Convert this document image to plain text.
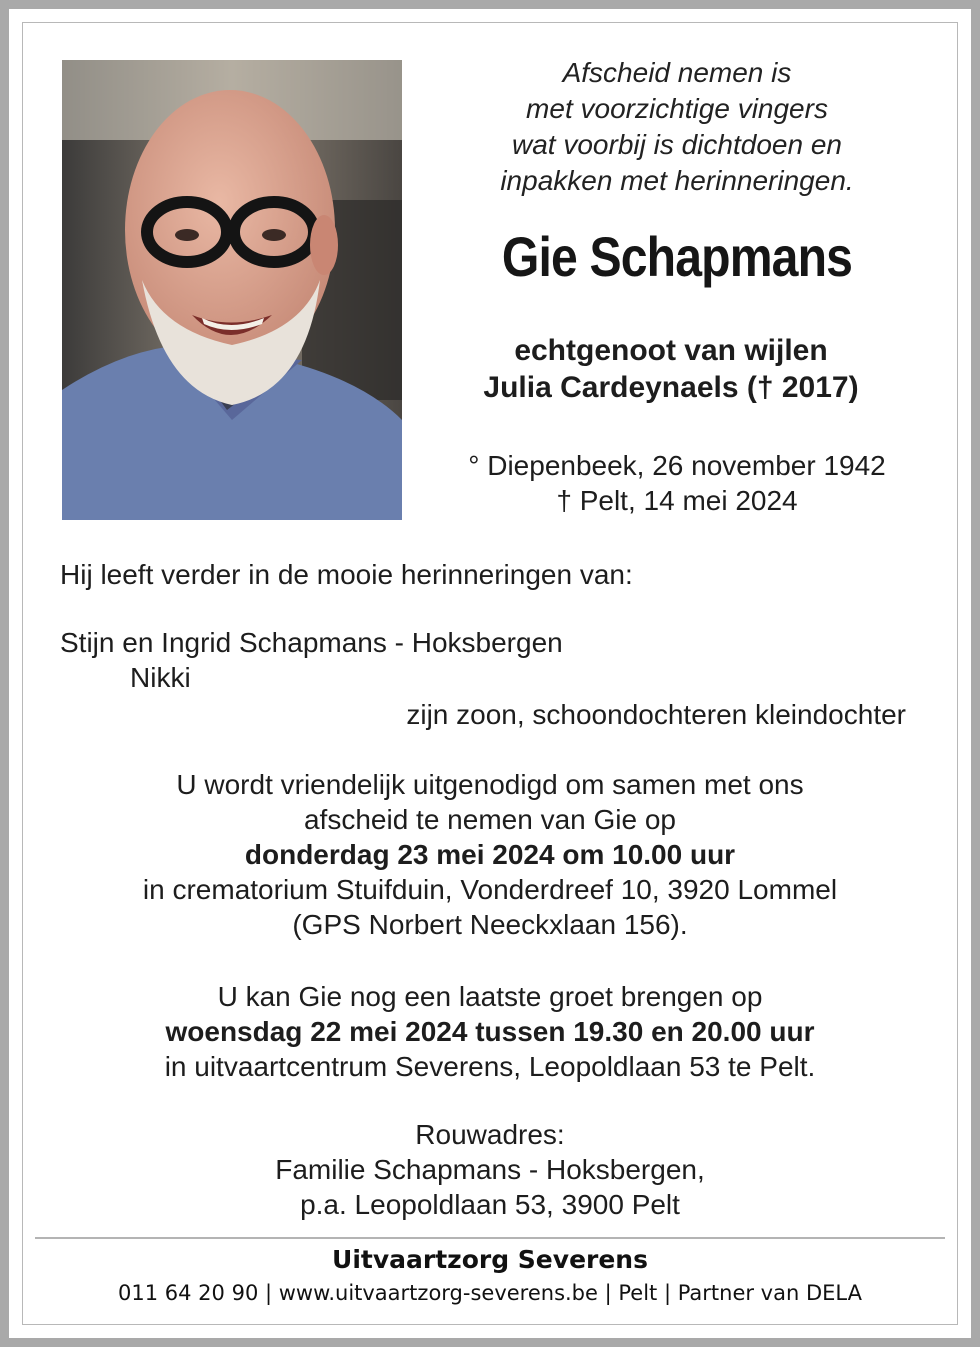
Afscheid nemen is
met voorzichtige vingers
wat voorbij is dichtdoen en
inpakken met herinneringen.
Gie Schapmans
echtgenoot van wijlen
Julia Cardeynaels († 2017)
° Diepenbeek, 26 november 1942
† Pelt, 14 mei 2024
Hij leeft verder in de mooie herinneringen van:
Stijn en Ingrid Schapmans - Hoksbergen
Nikki
zijn zoon, schoondochteren kleindochter
U wordt vriendelijk uitgenodigd om samen met ons
afscheid te nemen van Gie op
donderdag 23 mei 2024 om 10.00 uur
in crematorium Stuifduin, Vonderdreef 10, 3920 Lommel
(GPS Norbert Neeckxlaan 156).
U kan Gie nog een laatste groet brengen op
woensdag 22 mei 2024 tussen 19.30 en 20.00 uur
in uitvaartcentrum Severens, Leopoldlaan 53 te Pelt.
Rouwadres:
Familie Schapmans - Hoksbergen,
p.a. Leopoldlaan 53, 3900 Pelt
Uitvaartzorg Severens
011 64 20 90 | www.uitvaartzorg-severens.be | Pelt | Partner van DELA
